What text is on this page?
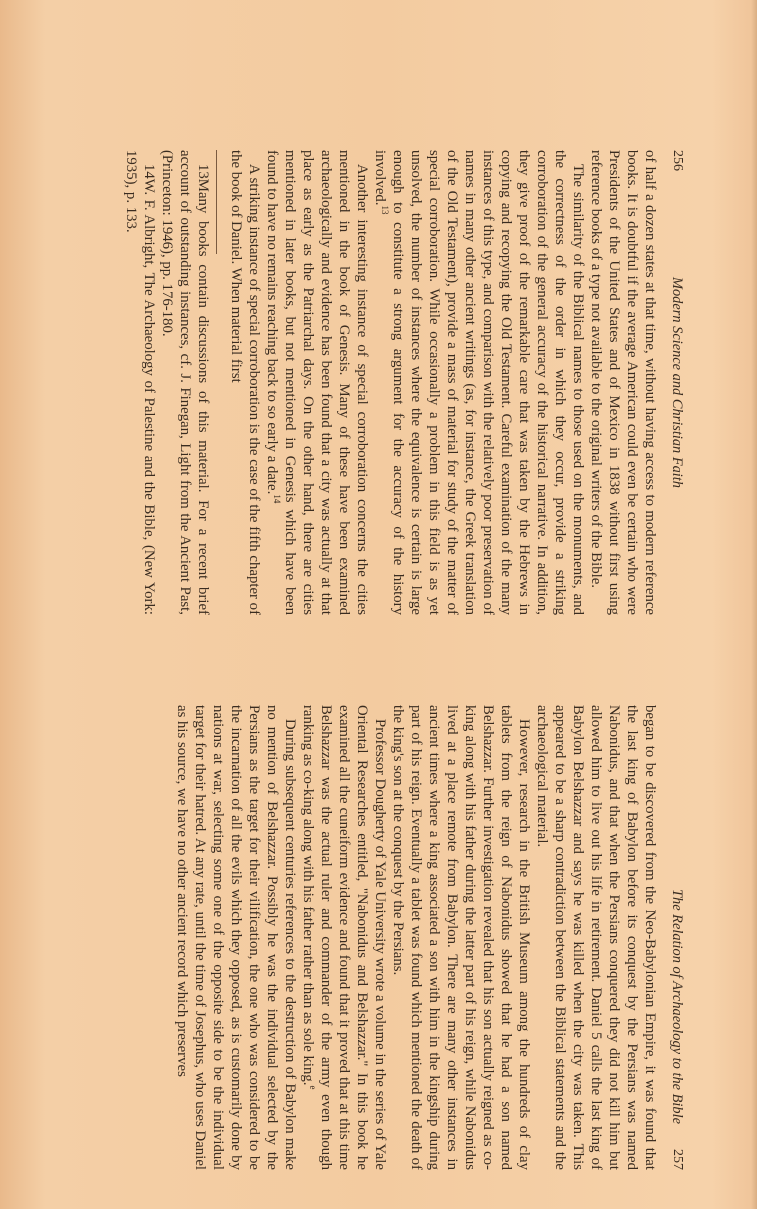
256
Modern Science and Christian Faith

of half a dozen states at that time, without having access to modern reference books. It is doubtful if the average American could even be certain who were Presidents of the United States and of Mexico in 1838 without first using reference books of a type not available to the original writers of the Bible.

The similarity of the Biblical names to those used on the monuments, and the correctness of the order in which they occur, provide a striking corroboration of the general accuracy of the historical narrative. In addition, they give proof of the remarkable care that was taken by the Hebrews in copying and recopying the Old Testament. Careful examination of the many instances of this type, and comparison with the relatively poor preservation of names in many other ancient writings (as, for instance, the Greek translation of the Old Testament), provide a mass of material for study of the matter of special corroboration. While occasionally a problem in this field is as yet unsolved, the number of instances where the equivalence is certain is large enough to constitute a strong argument for the accuracy of the history involved.$^{13}$

Another interesting instance of special corroboration concerns the cities mentioned in the book of Genesis. Many of these have been examined archaeologically and evidence has been found that a city was actually at that place as early as the Patriarchal days. On the other hand, there are cities mentioned in later books, but not mentioned in Genesis which have been found to have no remains reaching back to so early a date.$^{14}$

A striking instance of special corroboration is the case of the fifth chapter of the book of Daniel. When material first

13Many books contain discussions of this material. For a recent brief account of outstanding instances, cf. J. Finegan, Light from the Ancient Past, (Princeton: 1946), pp. 176-180.

14W. F. Albright, The Archaeology of Palestine and the Bible, (New York: 1935), p. 133.

The Relation of Archaeology to the Bible
257

began to be discovered from the Neo-Babylonian Empire, it was found that the last king of Babylon before its conquest by the Persians was named Nabonidus, and that when the Persians conquered they did not kill him but allowed him to live out his life in retirement. Daniel 5 calls the last king of Babylon Belshazzar and says he was killed when the city was taken. This appeared to be a sharp contradiction between the Biblical statements and the archaeological material.

However, research in the British Museum among the hundreds of clay tablets from the reign of Nabonidus showed that he had a son named Belshazzar. Further investigation revealed that his son actually reigned as co-king along with his father during the latter part of his reign, while Nabonidus lived at a place remote from Babylon. There are many other instances in ancient times where a king associated a son with him in the kingship during part of his reign. Eventually a tablet was found which mentioned the death of the king's son at the conquest by the Persians.

Professor Dougherty of Yale University wrote a volume in the series of Yale Oriental Researches entitled, "Nabonidus and Belshazzar." In this book he examined all the cuneiform evidence and found that it proved that at this time Belshazzar was the actual ruler and commander of the army even though ranking as co-king along with his father rather than as sole king.$^e$

During subsequent centuries references to the destruction of Babylon make no mention of Belshazzar. Possibly he was the individual selected by the Persians as the target for their vilification, the one who was considered to be the incarnation of all the evils which they opposed, as is customarily done by nations at war, selecting some one of the opposite side to be the individual target for their hatred. At any rate, until the time of Josephus, who uses Daniel as his source, we have no other ancient record which preserves
